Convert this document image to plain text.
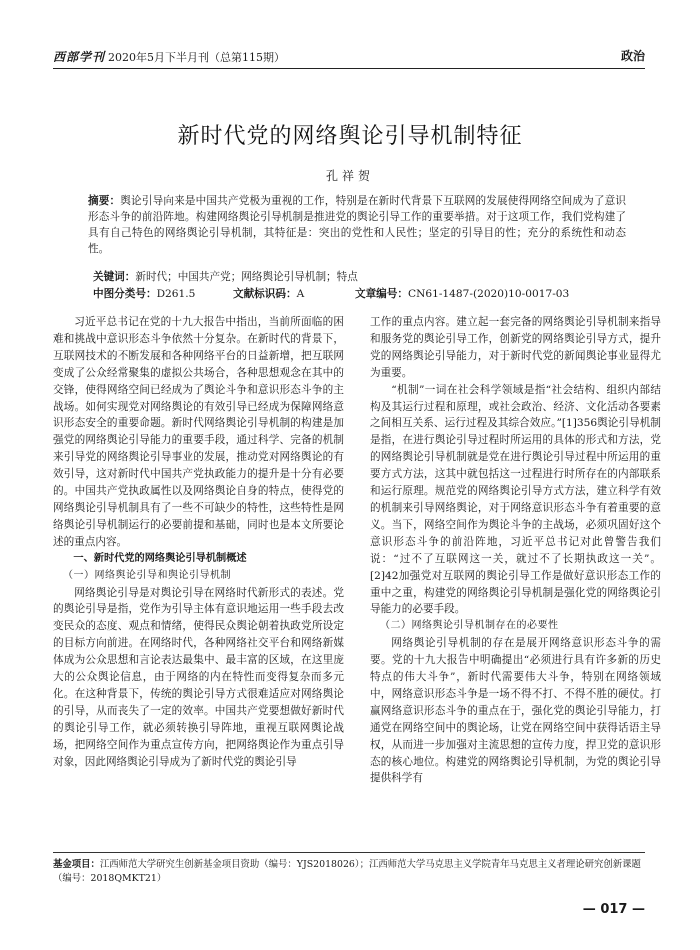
西部学刊 2020年5月下半月刊（总第115期）	政治
新时代党的网络舆论引导机制特征
孔祥贺
摘要：舆论引导向来是中国共产党极为重视的工作，特别是在新时代背景下互联网的发展使得网络空间成为了意识形态斗争的前沿阵地。构建网络舆论引导机制是推进党的舆论引导工作的重要举措。对于这项工作，我们党构建了具有自己特色的网络舆论引导机制，其特征是：突出的党性和人民性；坚定的引导目的性；充分的系统性和动态性。
关键词：新时代；中国共产党；网络舆论引导机制；特点
中图分类号：D261.5	文献标识码：A	文章编号：CN61-1487-(2020)10-0017-03

习近平总书记在党的十九大报告中指出，当前所面临的困难和挑战中意识形态斗争依然十分复杂。在新时代的背景下，互联网技术的不断发展和各种网络平台的日益新增，把互联网变成了公众经常聚集的虚拟公共场合，各种思想观念在其中的交锋，使得网络空间已经成为了舆论斗争和意识形态斗争的主战场。如何实现党对网络舆论的有效引导已经成为保障网络意识形态安全的重要命题。新时代网络舆论引导机制的构建是加强党的网络舆论引导能力的重要手段，通过科学、完备的机制来引导党的网络舆论引导事业的发展，推动党对网络舆论的有效引导，这对新时代中国共产党执政能力的提升是十分有必要的。中国共产党执政属性以及网络舆论自身的特点，使得党的网络舆论引导机制具有了一些不可缺少的特性，这些特性是网络舆论引导机制运行的必要前提和基础，同时也是本文所要论述的重点内容。

一、新时代党的网络舆论引导机制概述
（一）网络舆论引导和舆论引导机制

网络舆论引导是对舆论引导在网络时代新形式的表述。党的舆论引导是指，党作为引导主体有意识地运用一些手段去改变民众的态度、观点和情绪，使得民众舆论朝着执政党所设定的目标方向前进。在网络时代，各种网络社交平台和网络新媒体成为公众思想和言论表达最集中、最丰富的区域，在这里庞大的公众舆论信息，由于网络的内在特性而变得复杂而多元化。在这种背景下，传统的舆论引导方式很难适应对网络舆论的引导，从而丧失了一定的效率。中国共产党要想做好新时代的舆论引导工作，就必须转换引导阵地，重视互联网舆论战场，把网络空间作为重点宣传方向，把网络舆论作为重点引导对象，因此网络舆论引导成为了新时代党的舆论引导

工作的重点内容。建立起一套完备的网络舆论引导机制来指导和服务党的舆论引导工作，创新党的网络舆论引导方式，提升党的网络舆论引导能力，对于新时代党的新闻舆论事业显得尤为重要。

“机制”一词在社会科学领域是指“社会结构、组织内部结构及其运行过程和原理，或社会政治、经济、文化活动各要素之间相互关系、运行过程及其综合效应。”[1]356舆论引导机制是指，在进行舆论引导过程时所运用的具体的形式和方法，党的网络舆论引导机制就是党在进行舆论引导过程中所运用的重要方式方法，这其中就包括这一过程进行时所存在的内部联系和运行原理。规范党的网络舆论引导方式方法，建立科学有效的机制来引导网络舆论，对于网络意识形态斗争有着重要的意义。当下，网络空间作为舆论斗争的主战场，必须巩固好这个意识形态斗争的前沿阵地，习近平总书记对此曾警告我们说：“过不了互联网这一关，就过不了长期执政这一关”。[2]42加强党对互联网的舆论引导工作是做好意识形态工作的重中之重，构建党的网络舆论引导机制是强化党的网络舆论引导能力的必要手段。

（二）网络舆论引导机制存在的必要性

网络舆论引导机制的存在是展开网络意识形态斗争的需要。党的十九大报告中明确提出“必须进行具有许多新的历史特点的伟大斗争”，新时代需要伟大斗争，特别在网络领域中，网络意识形态斗争是一场不得不打、不得不胜的硬仗。打赢网络意识形态斗争的重点在于，强化党的舆论引导能力，打通党在网络空间中的舆论场，让党在网络空间中获得话语主导权，从而进一步加强对主流思想的宣传力度，捍卫党的意识形态的核心地位。构建党的网络舆论引导机制，为党的舆论引导提供科学有

基金项目：江西师范大学研究生创新基金项目资助（编号：YJS2018026）；江西师范大学马克思主义学院青年马克思主义者理论研究创新课题（编号：2018QMKT21）
— 017 —
